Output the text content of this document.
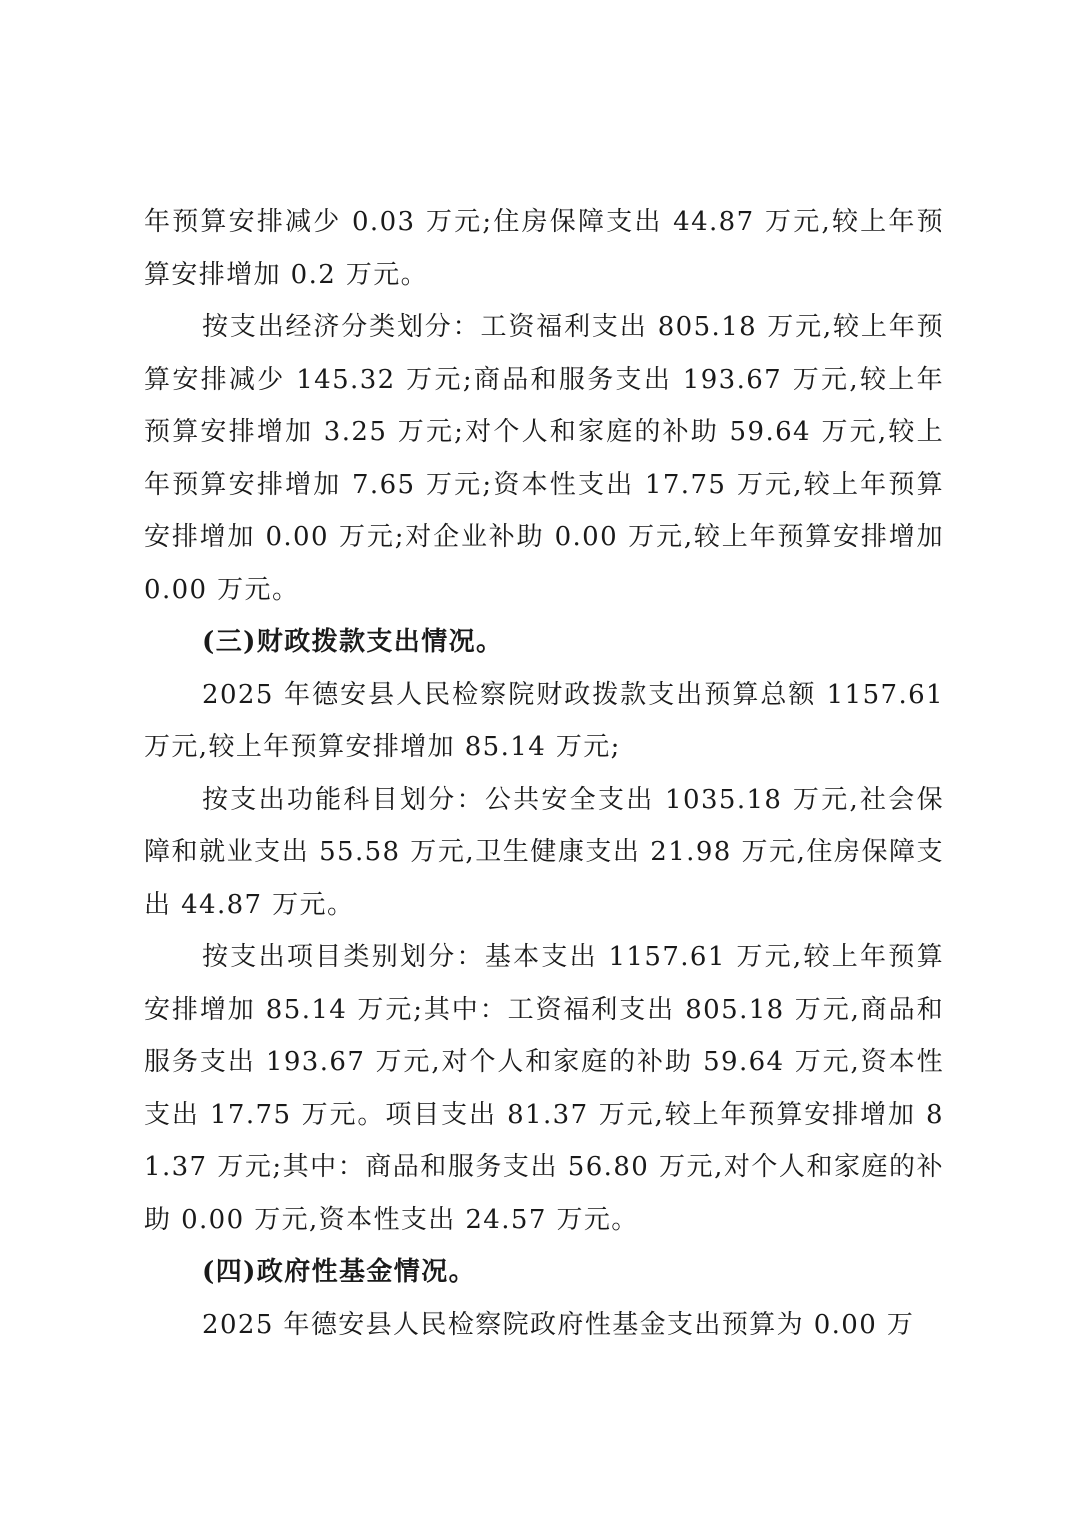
年预算安排减少 0.03 万元;住房保障支出 44.87 万元,较上年预算安排增加 0.2 万元。

按支出经济分类划分：工资福利支出 805.18 万元,较上年预算安排减少 145.32 万元;商品和服务支出 193.67 万元,较上年预算安排增加 3.25 万元;对个人和家庭的补助 59.64 万元,较上年预算安排增加 7.65 万元;资本性支出 17.75 万元,较上年预算安排增加 0.00 万元;对企业补助 0.00 万元,较上年预算安排增加 0.00 万元。

(三)财政拨款支出情况。

2025 年德安县人民检察院财政拨款支出预算总额 1157.61 万元,较上年预算安排增加 85.14 万元;

按支出功能科目划分：公共安全支出 1035.18 万元,社会保障和就业支出 55.58 万元,卫生健康支出 21.98 万元,住房保障支出 44.87 万元。

按支出项目类别划分：基本支出 1157.61 万元,较上年预算安排增加 85.14 万元;其中：工资福利支出 805.18 万元,商品和服务支出 193.67 万元,对个人和家庭的补助 59.64 万元,资本性支出 17.75 万元。项目支出 81.37 万元,较上年预算安排增加 81.37 万元;其中：商品和服务支出 56.80 万元,对个人和家庭的补助 0.00 万元,资本性支出 24.57 万元。

(四)政府性基金情况。

2025 年德安县人民检察院政府性基金支出预算为 0.00 万
